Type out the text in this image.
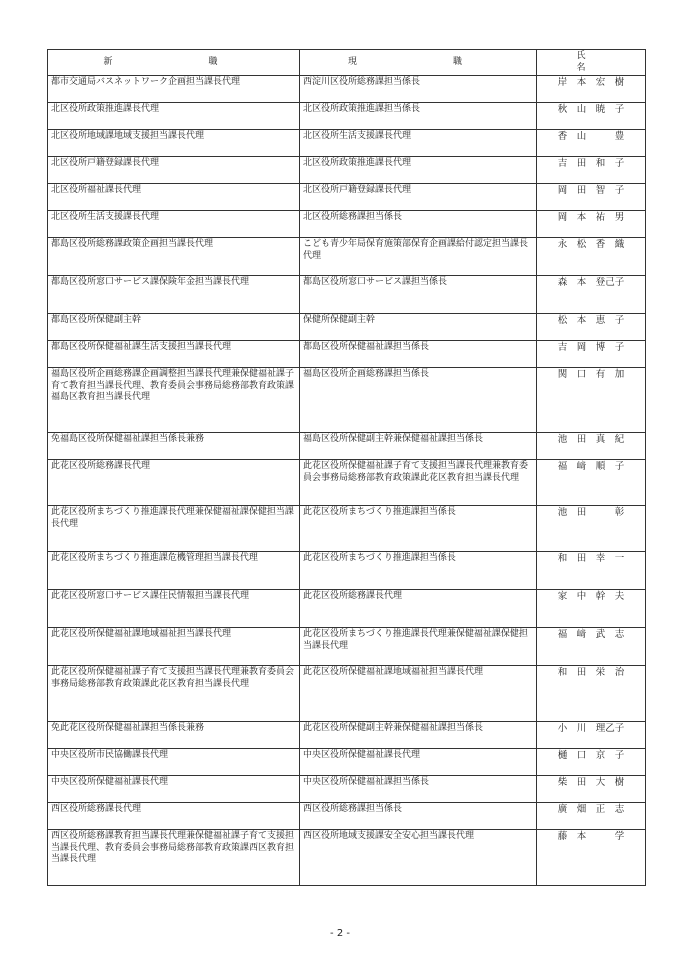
新　　職	現　　職	氏　　名
都市交通局バスネットワーク企画担当課長代理	西淀川区役所総務課担当係長	岸　本　宏　樹
北区役所政策推進課長代理	北区役所政策推進課担当係長	秋　山　暁　子
北区役所地域課地域支援担当課長代理	北区役所生活支援課長代理	香　山　　　豊
北区役所戸籍登録課長代理	北区役所政策推進課長代理	吉　田　和　子
北区役所福祉課長代理	北区役所戸籍登録課長代理	岡　田　智　子
北区役所生活支援課長代理	北区役所総務課担当係長	岡　本　祐　男
都島区役所総務課政策企画担当課長代理	こども青少年局保育施策部保育企画課給付認定担当課長代理	永　松　香　織
都島区役所窓口サービス課保険年金担当課長代理	都島区役所窓口サービス課担当係長	森　本　登己子
都島区役所保健副主幹	保健所保健副主幹	松　本　恵　子
都島区役所保健福祉課生活支援担当課長代理	都島区役所保健福祉課担当係長	吉　岡　博　子
福島区役所企画総務課企画調整担当課長代理兼保健福祉課子育て教育担当課長代理、教育委員会事務局総務部教育政策課福島区教育担当課長代理	福島区役所企画総務課担当係長	関　口　有　加
免福島区役所保健福祉課担当係長兼務	福島区役所保健副主幹兼保健福祉課担当係長	池　田　真　紀
此花区役所総務課長代理	此花区役所保健福祉課子育て支援担当課長代理兼教育委員会事務局総務部教育政策課此花区教育担当課長代理	福　﨑　順　子
此花区役所まちづくり推進課長代理兼保健福祉課保健担当課長代理	此花区役所まちづくり推進課担当係長	池　田　　　彰
此花区役所まちづくり推進課危機管理担当課長代理	此花区役所まちづくり推進課担当係長	和　田　幸　一
此花区役所窓口サービス課住民情報担当課長代理	此花区役所総務課長代理	家　中　幹　夫
此花区役所保健福祉課地域福祉担当課長代理	此花区役所まちづくり推進課長代理兼保健福祉課保健担当課長代理	福　﨑　武　志
此花区役所保健福祉課子育て支援担当課長代理兼教育委員会事務局総務部教育政策課此花区教育担当課長代理	此花区役所保健福祉課地域福祉担当課長代理	和　田　栄　治
免此花区役所保健福祉課担当係長兼務	此花区役所保健副主幹兼保健福祉課担当係長	小　川　理乙子
中央区役所市民協働課長代理	中央区役所保健福祉課長代理	樋　口　京　子
中央区役所保健福祉課長代理	中央区役所保健福祉課担当係長	柴　田　大　樹
西区役所総務課長代理	西区役所総務課担当係長	廣　畑　正　志
西区役所総務課教育担当課長代理兼保健福祉課子育て支援担当課長代理、教育委員会事務局総務部教育政策課西区教育担当課長代理	西区役所地域支援課安全安心担当課長代理	藤　本　　　学
- 2 -
